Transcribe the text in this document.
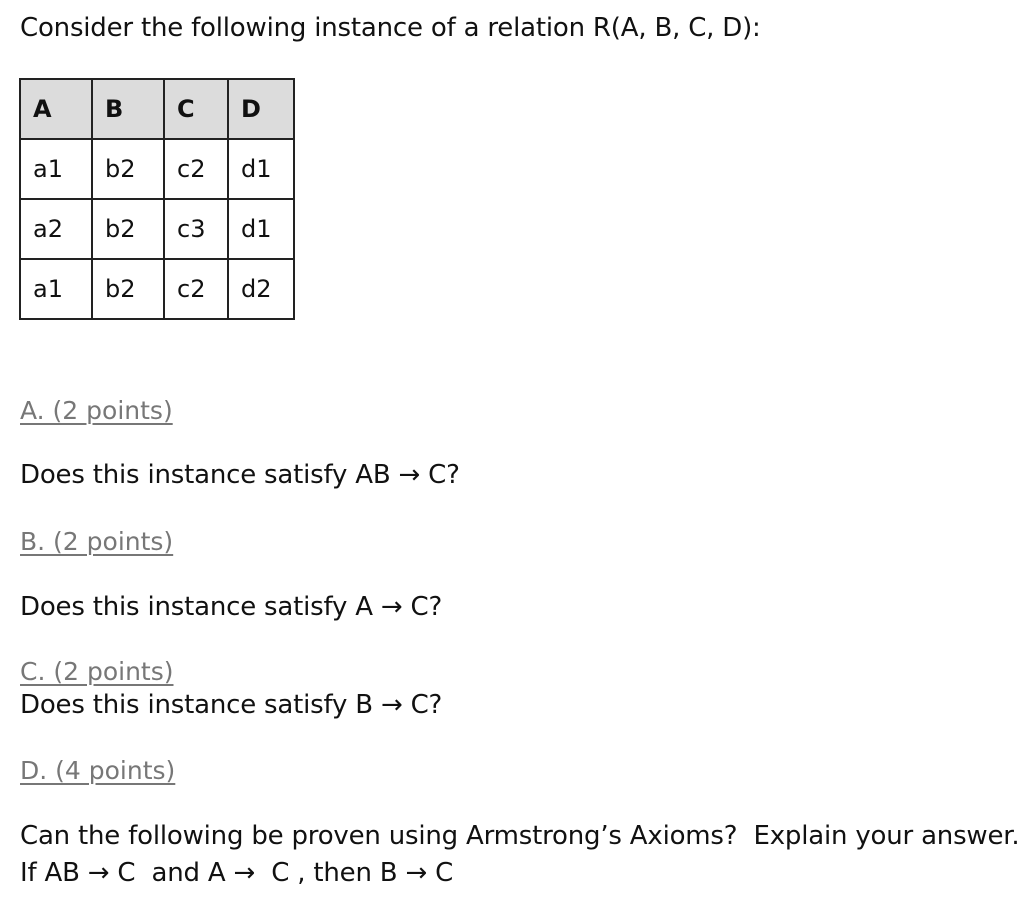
Consider the following instance of a relation R(A, B, C, D):
A	B	C	D
a1	b2	c2	d1
a2	b2	c3	d1
a1	b2	c2	d2
A. (2 points)
Does this instance satisfy AB → C?
B. (2 points)
Does this instance satisfy A → C?
C. (2 points)
Does this instance satisfy B → C?
D. (4 points)
Can the following be proven using Armstrong’s Axioms?  Explain your answer.
If AB → C  and A →  C , then B → C
